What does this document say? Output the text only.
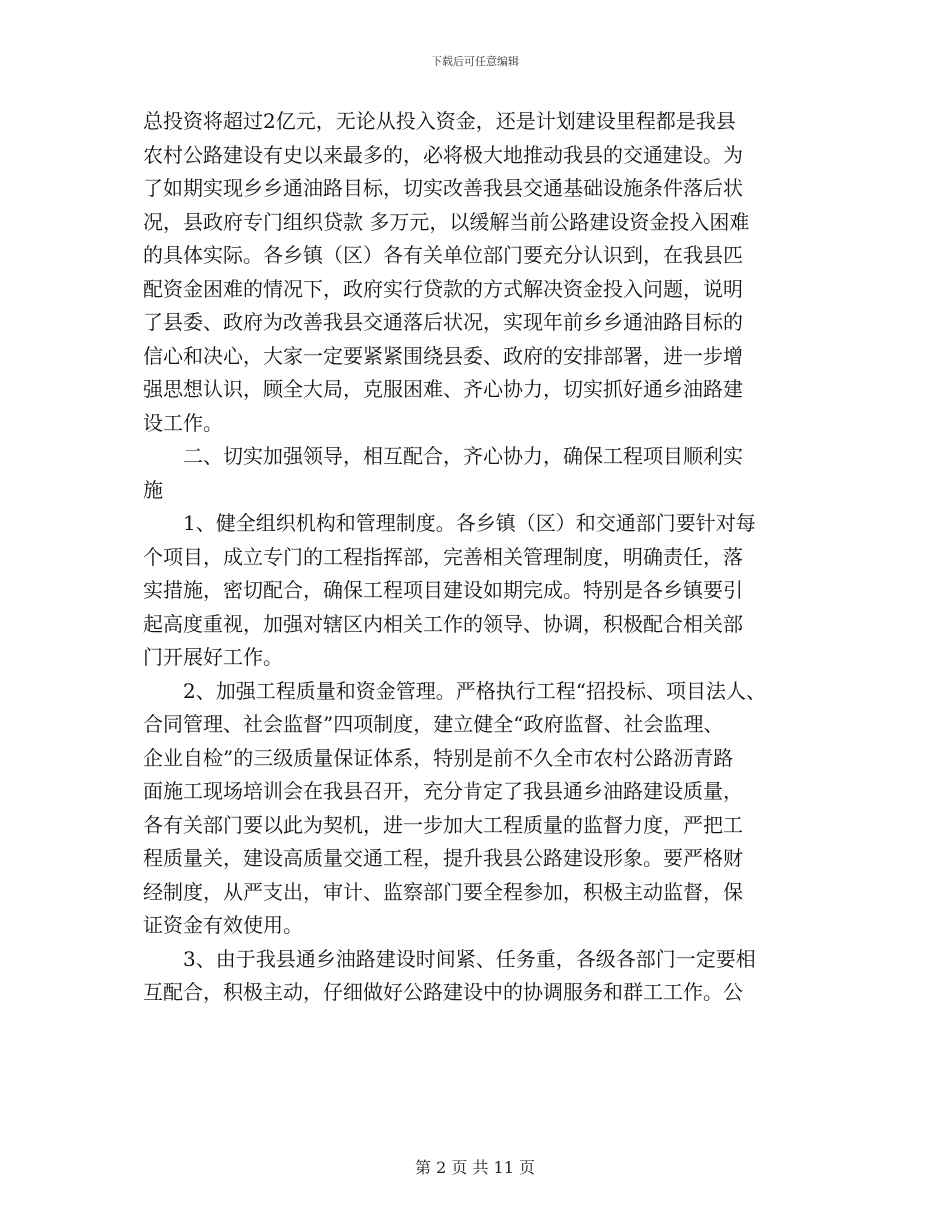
下载后可任意编辑
总投资将超过2亿元，无论从投入资金，还是计划建设里程都是我县
农村公路建设有史以来最多的，必将极大地推动我县的交通建设。为
了如期实现乡乡通油路目标，切实改善我县交通基础设施条件落后状
况，县政府专门组织贷款 多万元，以缓解当前公路建设资金投入困难
的具体实际。各乡镇（区）各有关单位部门要充分认识到，在我县匹
配资金困难的情况下，政府实行贷款的方式解决资金投入问题，说明
了县委、政府为改善我县交通落后状况，实现年前乡乡通油路目标的
信心和决心，大家一定要紧紧围绕县委、政府的安排部署，进一步增
强思想认识，顾全大局，克服困难、齐心协力，切实抓好通乡油路建
设工作。
二、切实加强领导，相互配合，齐心协力，确保工程项目顺利实
施
1、健全组织机构和管理制度。各乡镇（区）和交通部门要针对每
个项目，成立专门的工程指挥部，完善相关管理制度，明确责任，落
实措施，密切配合，确保工程项目建设如期完成。特别是各乡镇要引
起高度重视，加强对辖区内相关工作的领导、协调，积极配合相关部
门开展好工作。
2、加强工程质量和资金管理。严格执行工程“招投标、项目法人、
合同管理、社会监督”四项制度，建立健全“政府监督、社会监理、
企业自检”的三级质量保证体系，特别是前不久全市农村公路沥青路
面施工现场培训会在我县召开，充分肯定了我县通乡油路建设质量，
各有关部门要以此为契机，进一步加大工程质量的监督力度，严把工
程质量关，建设高质量交通工程，提升我县公路建设形象。要严格财
经制度，从严支出，审计、监察部门要全程参加，积极主动监督，保
证资金有效使用。
3、由于我县通乡油路建设时间紧、任务重，各级各部门一定要相
互配合，积极主动，仔细做好公路建设中的协调服务和群工工作。公
第 2 页 共 11 页
